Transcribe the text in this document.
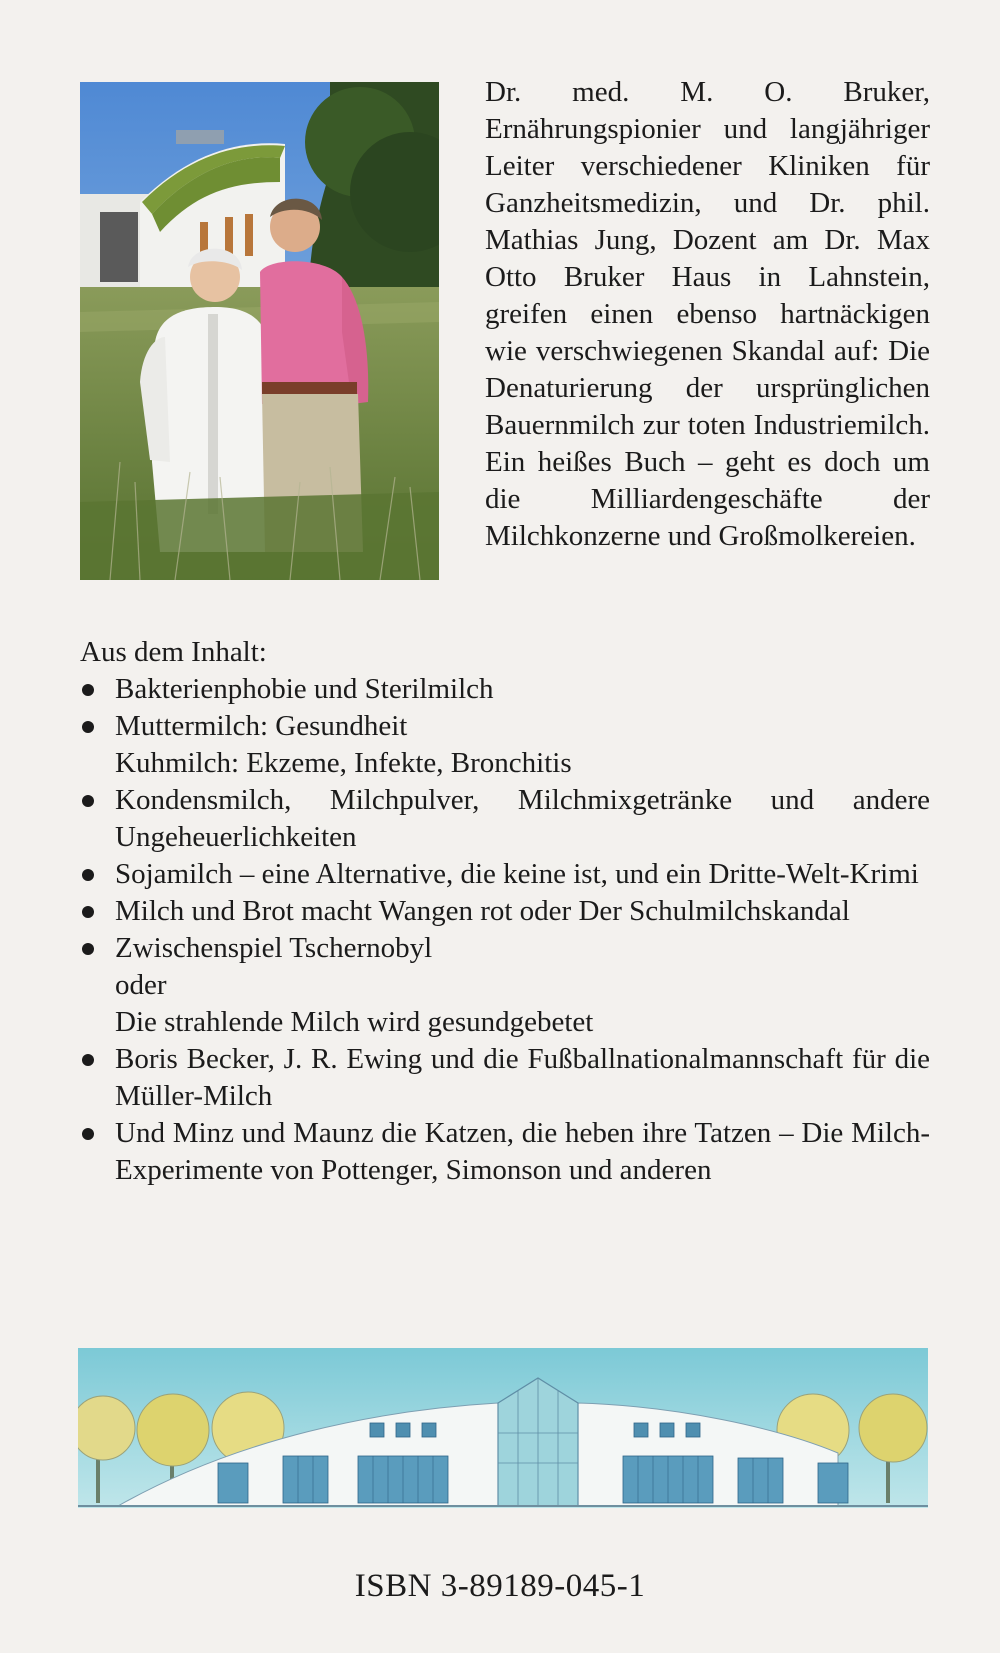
Dr. med. M. O. Bruker, Ernährungspionier und langjähriger Leiter verschiedener Kliniken für Ganzheitsmedizin, und Dr. phil. Mathias Jung, Dozent am Dr. Max Otto Bruker Haus in Lahnstein, greifen einen ebenso hartnäckigen wie verschwiegenen Skandal auf: Die Denaturierung der ursprünglichen Bauernmilch zur toten Industriemilch. Ein heißes Buch – geht es doch um die Milliardengeschäfte der Milchkonzerne und Großmolkereien.

Aus dem Inhalt:

Bakterienphobie und Sterilmilch
Muttermilch: Gesundheit
Kuhmilch: Ekzeme, Infekte, Bronchitis
Kondensmilch, Milchpulver, Milchmixgetränke und andere Ungeheuerlichkeiten
Sojamilch – eine Alternative, die keine ist, und ein Dritte-Welt-Krimi
Milch und Brot macht Wangen rot oder Der Schulmilchskandal
Zwischenspiel Tschernobyl
oder
Die strahlende Milch wird gesundgebetet
Boris Becker, J. R. Ewing und die Fußballnationalmannschaft für die Müller-Milch
Und Minz und Maunz die Katzen, die heben ihre Tatzen – Die Milch-Experimente von Pottenger, Simonson und anderen
ISBN 3-89189-045-1
